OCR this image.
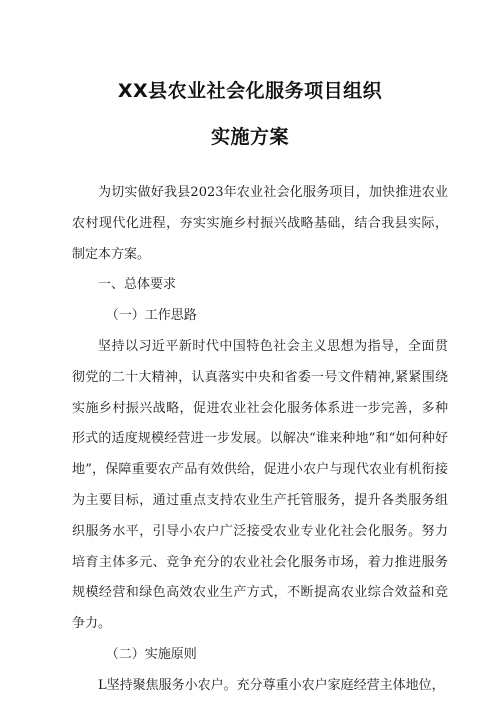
XX县农业社会化服务项目组织
实施方案

为切实做好我县2023年农业社会化服务项目，加快推进农业农村现代化进程，夯实实施乡村振兴战略基础，结合我县实际，制定本方案。

一、总体要求

（一）工作思路

坚持以习近平新时代中国特色社会主义思想为指导，全面贯彻党的二十大精神，认真落实中央和省委一号文件精神,紧紧围绕实施乡村振兴战略，促进农业社会化服务体系进一步完善，多种形式的适度规模经营进一步发展。以解决“谁来种地”和“如何种好地”，保障重要农产品有效供给，促进小农户与现代农业有机衔接为主要目标，通过重点支持农业生产托管服务，提升各类服务组织服务水平，引导小农户广泛接受农业专业化社会化服务。努力培育主体多元、竞争充分的农业社会化服务市场，着力推进服务规模经营和绿色高效农业生产方式，不断提高农业综合效益和竞争力。

（二）实施原则

L坚持聚焦服务小农户。充分尊重小农户家庭经营主体地位，
